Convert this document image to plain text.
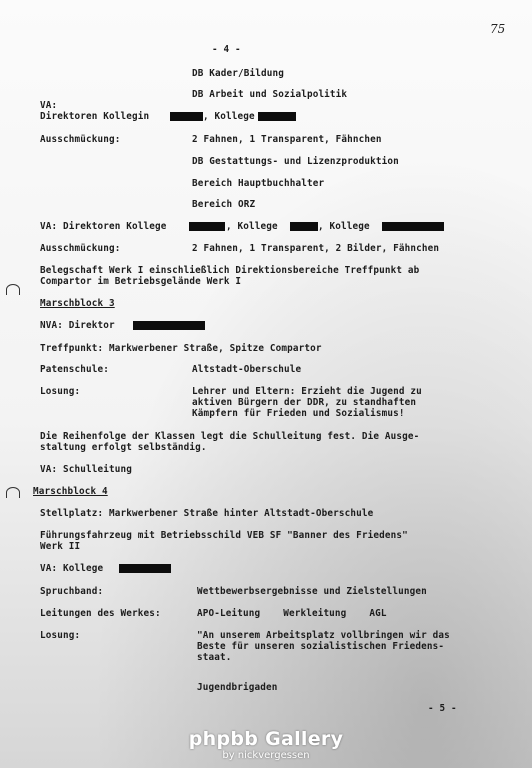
75
- 4 -
DB Kader/Bildung
DB Arbeit und Sozialpolitik
VA:
Direktoren Kollegin	, Kollege
Ausschmückung:	2 Fahnen, 1 Transparent, Fähnchen
DB Gestattungs- und Lizenzproduktion
Bereich Hauptbuchhalter
Bereich ORZ
VA: Direktoren Kollege	, Kollege	, Kollege
Ausschmückung:	2 Fahnen, 1 Transparent, 2 Bilder, Fähnchen
Belegschaft Werk I einschließlich Direktionsbereiche Treffpunkt ab
Compartor im Betriebsgelände Werk I
Marschblock 3
NVA: Direktor
Treffpunkt: Markwerbener Straße, Spitze Compartor
Patenschule:	Altstadt-Oberschule
Losung:	Lehrer und Eltern: Erzieht die Jugend zu
aktiven Bürgern der DDR, zu standhaften
Kämpfern für Frieden und Sozialismus!
Die Reihenfolge der Klassen legt die Schulleitung fest. Die Ausge-
staltung erfolgt selbständig.
VA: Schulleitung
Marschblock 4
Stellplatz: Markwerbener Straße hinter Altstadt-Oberschule
Führungsfahrzeug mit Betriebsschild VEB SF "Banner des Friedens"
Werk II
VA: Kollege
Spruchband:	Wettbewerbsergebnisse und Zielstellungen
Leitungen des Werkes:	APO-Leitung    Werkleitung    AGL
Losung:	"An unserem Arbeitsplatz vollbringen wir das
Beste für unseren sozialistischen Friedens-
staat.
Jugendbrigaden
- 5 -
phpbb Gallery
by nickvergessen
